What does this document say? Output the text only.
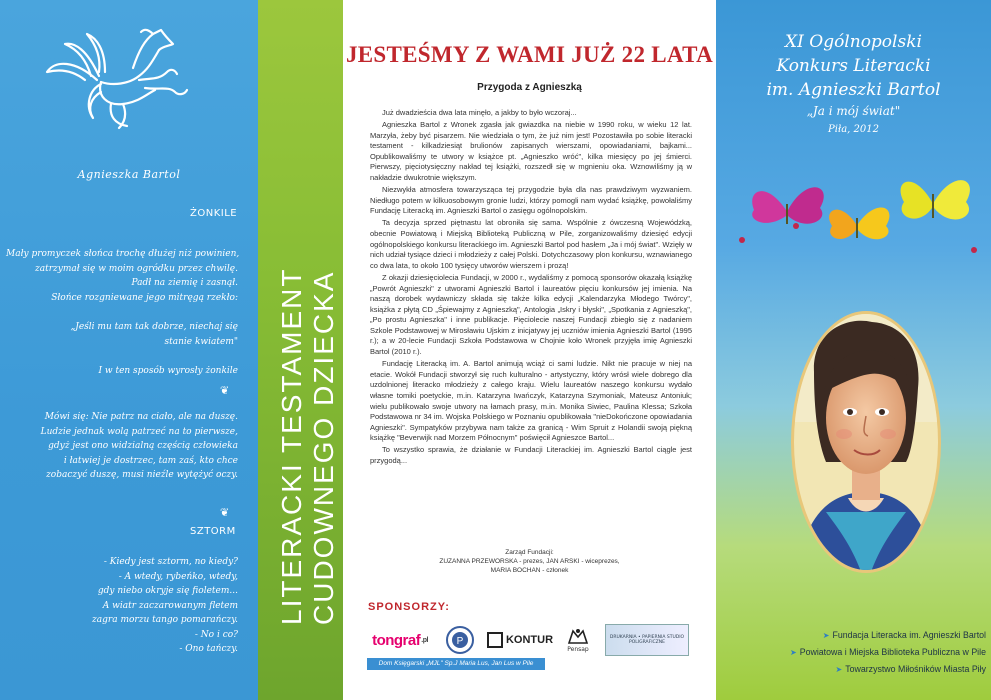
Agnieszka Bartol
ŻONKILE
Mały promyczek słońca trochę dłużej niż powinien,
zatrzymał się w moim ogródku przez chwilę.
Padł na ziemię i zasnął.
Słońce rozgniewane jego mitręgą rzekło:
„Jeśli mu tam tak dobrze, niechaj się
stanie kwiatem"
I w ten sposób wyrosły żonkile
❦
Mówi się: Nie patrz na ciało, ale na duszę.
Ludzie jednak wolą patrzeć na to pierwsze,
gdyż jest ono widzialną częścią człowieka
i łatwiej je dostrzec, tam zaś, kto chce
zobaczyć duszę, musi nieźle wytężyć oczy.
❦
SZTORM
- Kiedy jest sztorm, no kiedy?
- A wtedy, rybeńko, wtedy,
gdy niebo okryje się fioletem...
A wiatr zaczarowanym fletem
zagra morzu tango pomarańczy.
- No i co?
- Ono tańczy.
LITERACKI TESTAMENT CUDOWNEGO DZIECKA
JESTEŚMY Z WAMI JUŻ 22 LATA
Przygoda z Agnieszką

Już dwadzieścia dwa lata minęło, a jakby to było wczoraj...

Agnieszka Bartol z Wronek zgasła jak gwiazdka na niebie w 1990 roku, w wieku 12 lat. Marzyła, żeby być pisarzem. Nie wiedziała o tym, że już nim jest! Pozostawiła po sobie literacki testament - kilkadziesiąt brulionów zapisanych wierszami, opowiadaniami, bajkami... Opublikowaliśmy te utwory w książce pt. „Agnieszko wróć", kilka miesięcy po jej śmierci. Pierwszy, pięciotysięczny nakład tej książki, rozszedł się w mgnieniu oka. Wznowiliśmy ją w nakładzie dwukrotnie większym.

Niezwykła atmosfera towarzysząca tej przygodzie była dla nas prawdziwym wyzwaniem. Niedługo potem w kilkuosobowym gronie ludzi, którzy pomogli nam wydać książkę, powołaliśmy Fundację Literacką im. Agnieszki Bartol o zasięgu ogólnopolskim.

Ta decyzja sprzed piętnastu lat obroniła się sama. Wspólnie z ówczesną Wojewódzką, obecnie Powiatową i Miejską Biblioteką Publiczną w Pile, zorganizowaliśmy dziesięć edycji ogólnopolskiego konkursu literackiego im. Agnieszki Bartol pod hasłem „Ja i mój świat". Wzięły w nich udział tysiące dzieci i młodzieży z całej Polski. Dotychczasowy plon konkursu, wznawianego co dwa lata, to około 100 tysięcy utworów wierszem i prozą!

Z okazji dziesięciolecia Fundacji, w 2000 r., wydaliśmy z pomocą sponsorów okazałą książkę „Powrót Agnieszki" z utworami Agnieszki Bartol i laureatów pięciu konkursów jej imienia. Na naszą dorobek wydawniczy składa się także kilka edycji „Kalendarzyka Młodego Twórcy", książka z płytą CD „Śpiewajmy z Agnieszką", Antologia „Iskry i błyski", „Spotkania z Agnieszką", „Po prostu Agnieszka" i inne publikacje. Pięciolecie naszej Fundacji zbiegło się z nadaniem Szkole Podstawowej w Mirosławiu Ujskim z inicjatywy jej uczniów imienia Agnieszki Bartol (1995 r.); a w 20-lecie Fundacji Szkoła Podstawowa w Chojnie koło Wronek przyjęła imię Agnieszki Bartol (2010 r.).

Fundację Literacką im. A. Bartol animują wciąż ci sami ludzie. Nikt nie pracuje w niej na etacie. Wokół Fundacji stworzył się ruch kulturalno - artystyczny, który wrósł wiele dobrego dla uzdolnionej literacko młodzieży z całego kraju. Wielu laureatów naszego konkursu wydało własne tomiki poetyckie, m.in. Katarzyna Iwańczyk, Katarzyna Szymoniak, Mateusz Antoniuk; wielu publikowało swoje utwory na łamach prasy, m.in. Monika Siwiec, Paulina Klessa; Szkoła Podstawowa nr 34 im. Wojska Polskiego w Poznaniu opublikowała "nieDokończone opowiadania Agnieszki". Sympatyków przybywa nam także za granicą - Wim Spruit z Holandii swoją piękną książkę "Beverwijk nad Morzem Północnym" poświęcił Agnieszce Bartol...

To wszystko sprawia, że działanie w Fundacji Literackiej im. Agnieszki Bartol ciągle jest przygodą...

Zarząd Fundacji:
ZUZANNA PRZEWORSKA - prezes, JAN ARSKI - wiceprezes,
MARIA BOCHAN - członek
SPONSORZY:
tongraf .pl	P	KONTUR
Pensap
DRUKARNIA • PAPIERNIA STUDIO POLIGRAFICZNE
Dom Księgarski „MJL" Sp.J Maria Lus, Jan Lus w Pile
XI Ogólnopolski
Konkurs Literacki
im. Agnieszki Bartol
„Ja i mój świat"
Piła, 2012
➤ Fundacja Literacka im. Agnieszki Bartol
➤ Powiatowa i Miejska Biblioteka Publiczna w Pile
➤ Towarzystwo Miłośników Miasta Piły
